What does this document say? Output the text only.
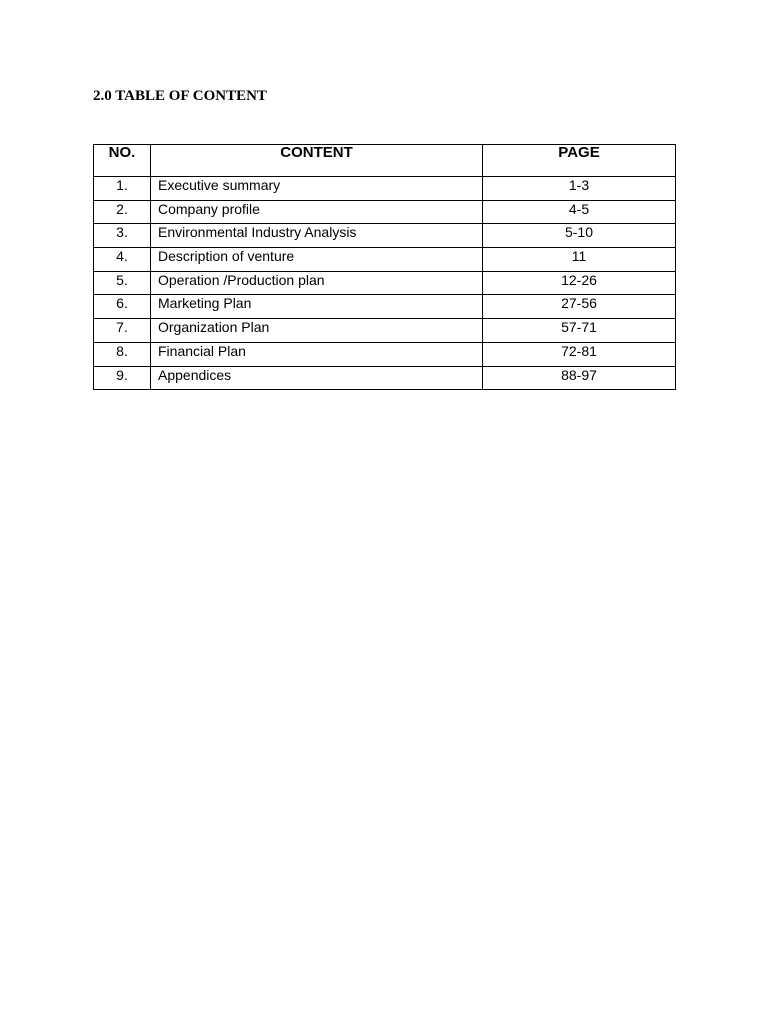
2.0 TABLE OF CONTENT
NO.	CONTENT	PAGE
1.	Executive summary	1-3
2.	Company profile	4-5
3.	Environmental Industry Analysis	5-10
4.	Description of venture	11
5.	Operation /Production plan	12-26
6.	Marketing Plan	27-56
7.	Organization Plan	57-71
8.	Financial Plan	72-81
9.	Appendices	88-97
